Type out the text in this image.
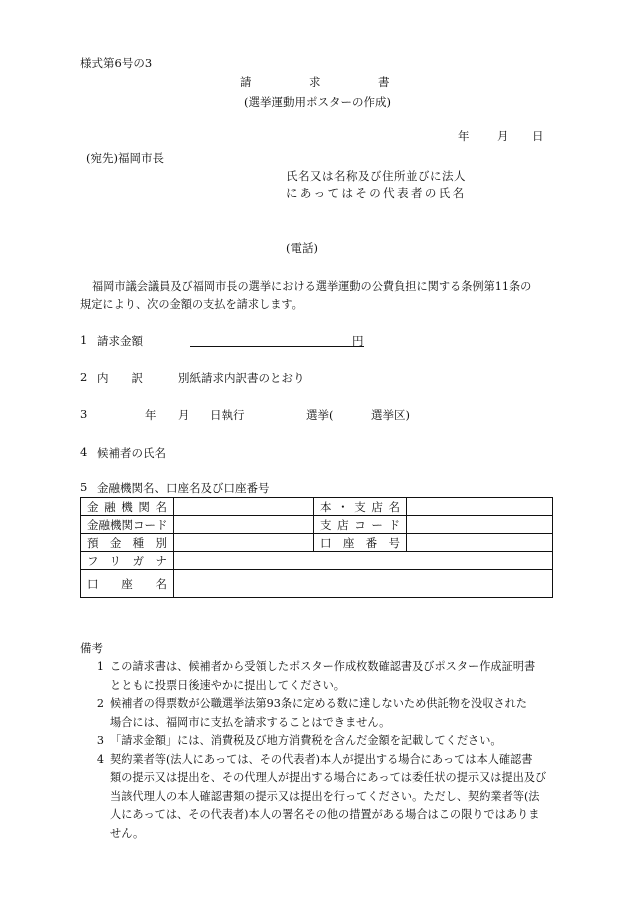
様式第6号の3
請　　　　　求　　　　　書
(選挙運動用ポスターの作成)
年 月 日
(宛先)福岡市長
氏名又は名称及び住所並びに法人
にあってはその代表者の氏名
(電話)
福岡市議会議員及び福岡市長の選挙における選挙運動の公費負担に関する条例第11条の
規定により、次の金額の支払を請求します。
1 請求金額	円
2 内　　訳	別紙請求内訳書のとおり
3	年 月 日執行	選挙(	選挙区)
4 候補者の氏名
5 金融機関名、口座名及び口座番号
金融機関名		本・支店名	

金融機関コード		支店コード	

預金種別		口座番号	

フリガナ			

口座名			

備考
1 この請求書は、候補者から受領したポスター作成枚数確認書及びポスター作成証明書
とともに投票日後速やかに提出してください。
2 候補者の得票数が公職選挙法第93条に定める数に達しないため供託物を没収された
場合には、福岡市に支払を請求することはできません。
3 「請求金額」には、消費税及び地方消費税を含んだ金額を記載してください。
4 契約業者等(法人にあっては、その代表者)本人が提出する場合にあっては本人確認書
類の提示又は提出を、その代理人が提出する場合にあっては委任状の提示又は提出及び
当該代理人の本人確認書類の提示又は提出を行ってください。ただし、契約業者等(法
人にあっては、その代表者)本人の署名その他の措置がある場合はこの限りではありま
せん。
